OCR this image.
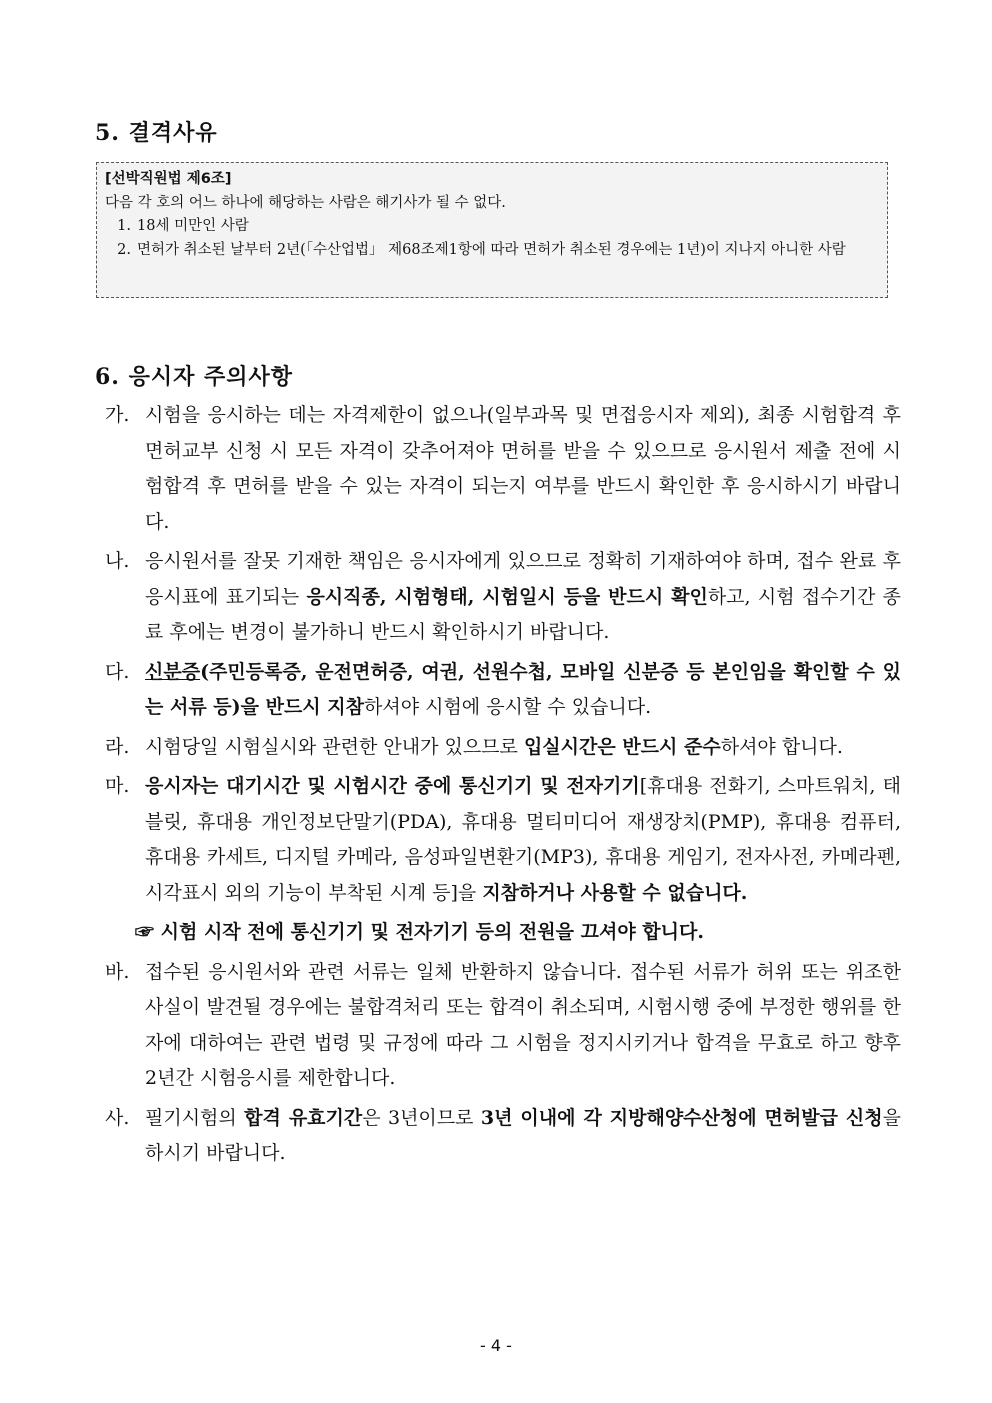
5. 결격사유
[선박직원법 제6조]
다음 각 호의 어느 하나에 해당하는 사람은 해기사가 될 수 없다.
1. 18세 미만인 사람
2. 면허가 취소된 날부터 2년(「수산업법」 제68조제1항에 따라 면허가 취소된 경우에는 1년)이 지나지 아니한 사람
6. 응시자 주의사항
가. 시험을 응시하는 데는 자격제한이 없으나(일부과목 및 면접응시자 제외), 최종 시험합격 후 면허교부 신청 시 모든 자격이 갖추어져야 면허를 받을 수 있으므로 응시원서 제출 전에 시험합격 후 면허를 받을 수 있는 자격이 되는지 여부를 반드시 확인한 후 응시하시기 바랍니다.
나. 응시원서를 잘못 기재한 책임은 응시자에게 있으므로 정확히 기재하여야 하며, 접수 완료 후 응시표에 표기되는 응시직종, 시험형태, 시험일시 등을 반드시 확인하고, 시험 접수기간 종료 후에는 변경이 불가하니 반드시 확인하시기 바랍니다.
다. 신분증(주민등록증, 운전면허증, 여권, 선원수첩, 모바일 신분증 등 본인임을 확인할 수 있는 서류 등)을 반드시 지참하셔야 시험에 응시할 수 있습니다.
라. 시험당일 시험실시와 관련한 안내가 있으므로 입실시간은 반드시 준수하셔야 합니다.
마. 응시자는 대기시간 및 시험시간 중에 통신기기 및 전자기기[휴대용 전화기, 스마트워치, 태블릿, 휴대용 개인정보단말기(PDA), 휴대용 멀티미디어 재생장치(PMP), 휴대용 컴퓨터, 휴대용 카세트, 디지털 카메라, 음성파일변환기(MP3), 휴대용 게임기, 전자사전, 카메라펜, 시각표시 외의 기능이 부착된 시계 등]을 지참하거나 사용할 수 없습니다.
☞ 시험 시작 전에 통신기기 및 전자기기 등의 전원을 끄셔야 합니다.
바. 접수된 응시원서와 관련 서류는 일체 반환하지 않습니다. 접수된 서류가 허위 또는 위조한 사실이 발견될 경우에는 불합격처리 또는 합격이 취소되며, 시험시행 중에 부정한 행위를 한 자에 대하여는 관련 법령 및 규정에 따라 그 시험을 정지시키거나 합격을 무효로 하고 향후 2년간 시험응시를 제한합니다.
사. 필기시험의 합격 유효기간은 3년이므로 3년 이내에 각 지방해양수산청에 면허발급 신청을 하시기 바랍니다.
- 4 -
